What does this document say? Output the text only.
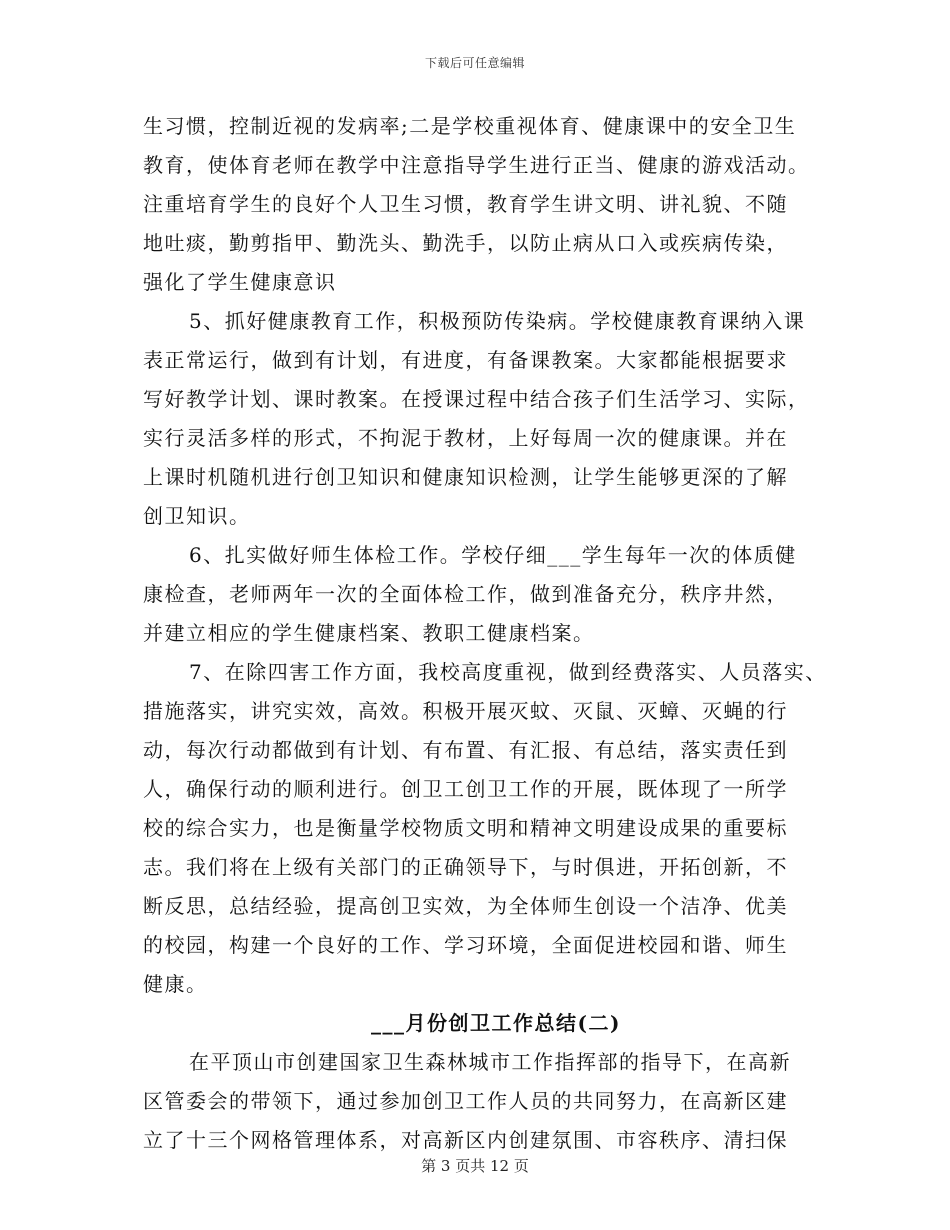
下载后可任意编辑
生习惯，控制近视的发病率;二是学校重视体育、健康课中的安全卫生
教育，使体育老师在教学中注意指导学生进行正当、健康的游戏活动。
注重培育学生的良好个人卫生习惯，教育学生讲文明、讲礼貌、不随
地吐痰，勤剪指甲、勤洗头、勤洗手，以防止病从口入或疾病传染，
强化了学生健康意识
5、抓好健康教育工作，积极预防传染病。学校健康教育课纳入课
表正常运行，做到有计划，有进度，有备课教案。大家都能根据要求
写好教学计划、课时教案。在授课过程中结合孩子们生活学习、实际，
实行灵活多样的形式，不拘泥于教材，上好每周一次的健康课。并在
上课时机随机进行创卫知识和健康知识检测，让学生能够更深的了解
创卫知识。
6、扎实做好师生体检工作。学校仔细___学生每年一次的体质健
康检查，老师两年一次的全面体检工作，做到准备充分，秩序井然，
并建立相应的学生健康档案、教职工健康档案。
7、在除四害工作方面，我校高度重视，做到经费落实、人员落实、
措施落实，讲究实效，高效。积极开展灭蚊、灭鼠、灭蟑、灭蝇的行
动，每次行动都做到有计划、有布置、有汇报、有总结，落实责任到
人，确保行动的顺利进行。创卫工创卫工作的开展，既体现了一所学
校的综合实力，也是衡量学校物质文明和精神文明建设成果的重要标
志。我们将在上级有关部门的正确领导下，与时俱进，开拓创新，不
断反思，总结经验，提高创卫实效，为全体师生创设一个洁净、优美
的校园，构建一个良好的工作、学习环境，全面促进校园和谐、师生
健康。
___月份创卫工作总结(二)
在平顶山市创建国家卫生森林城市工作指挥部的指导下，在高新
区管委会的带领下，通过参加创卫工作人员的共同努力，在高新区建
立了十三个网格管理体系，对高新区内创建氛围、市容秩序、清扫保
第 3 页共 12 页
